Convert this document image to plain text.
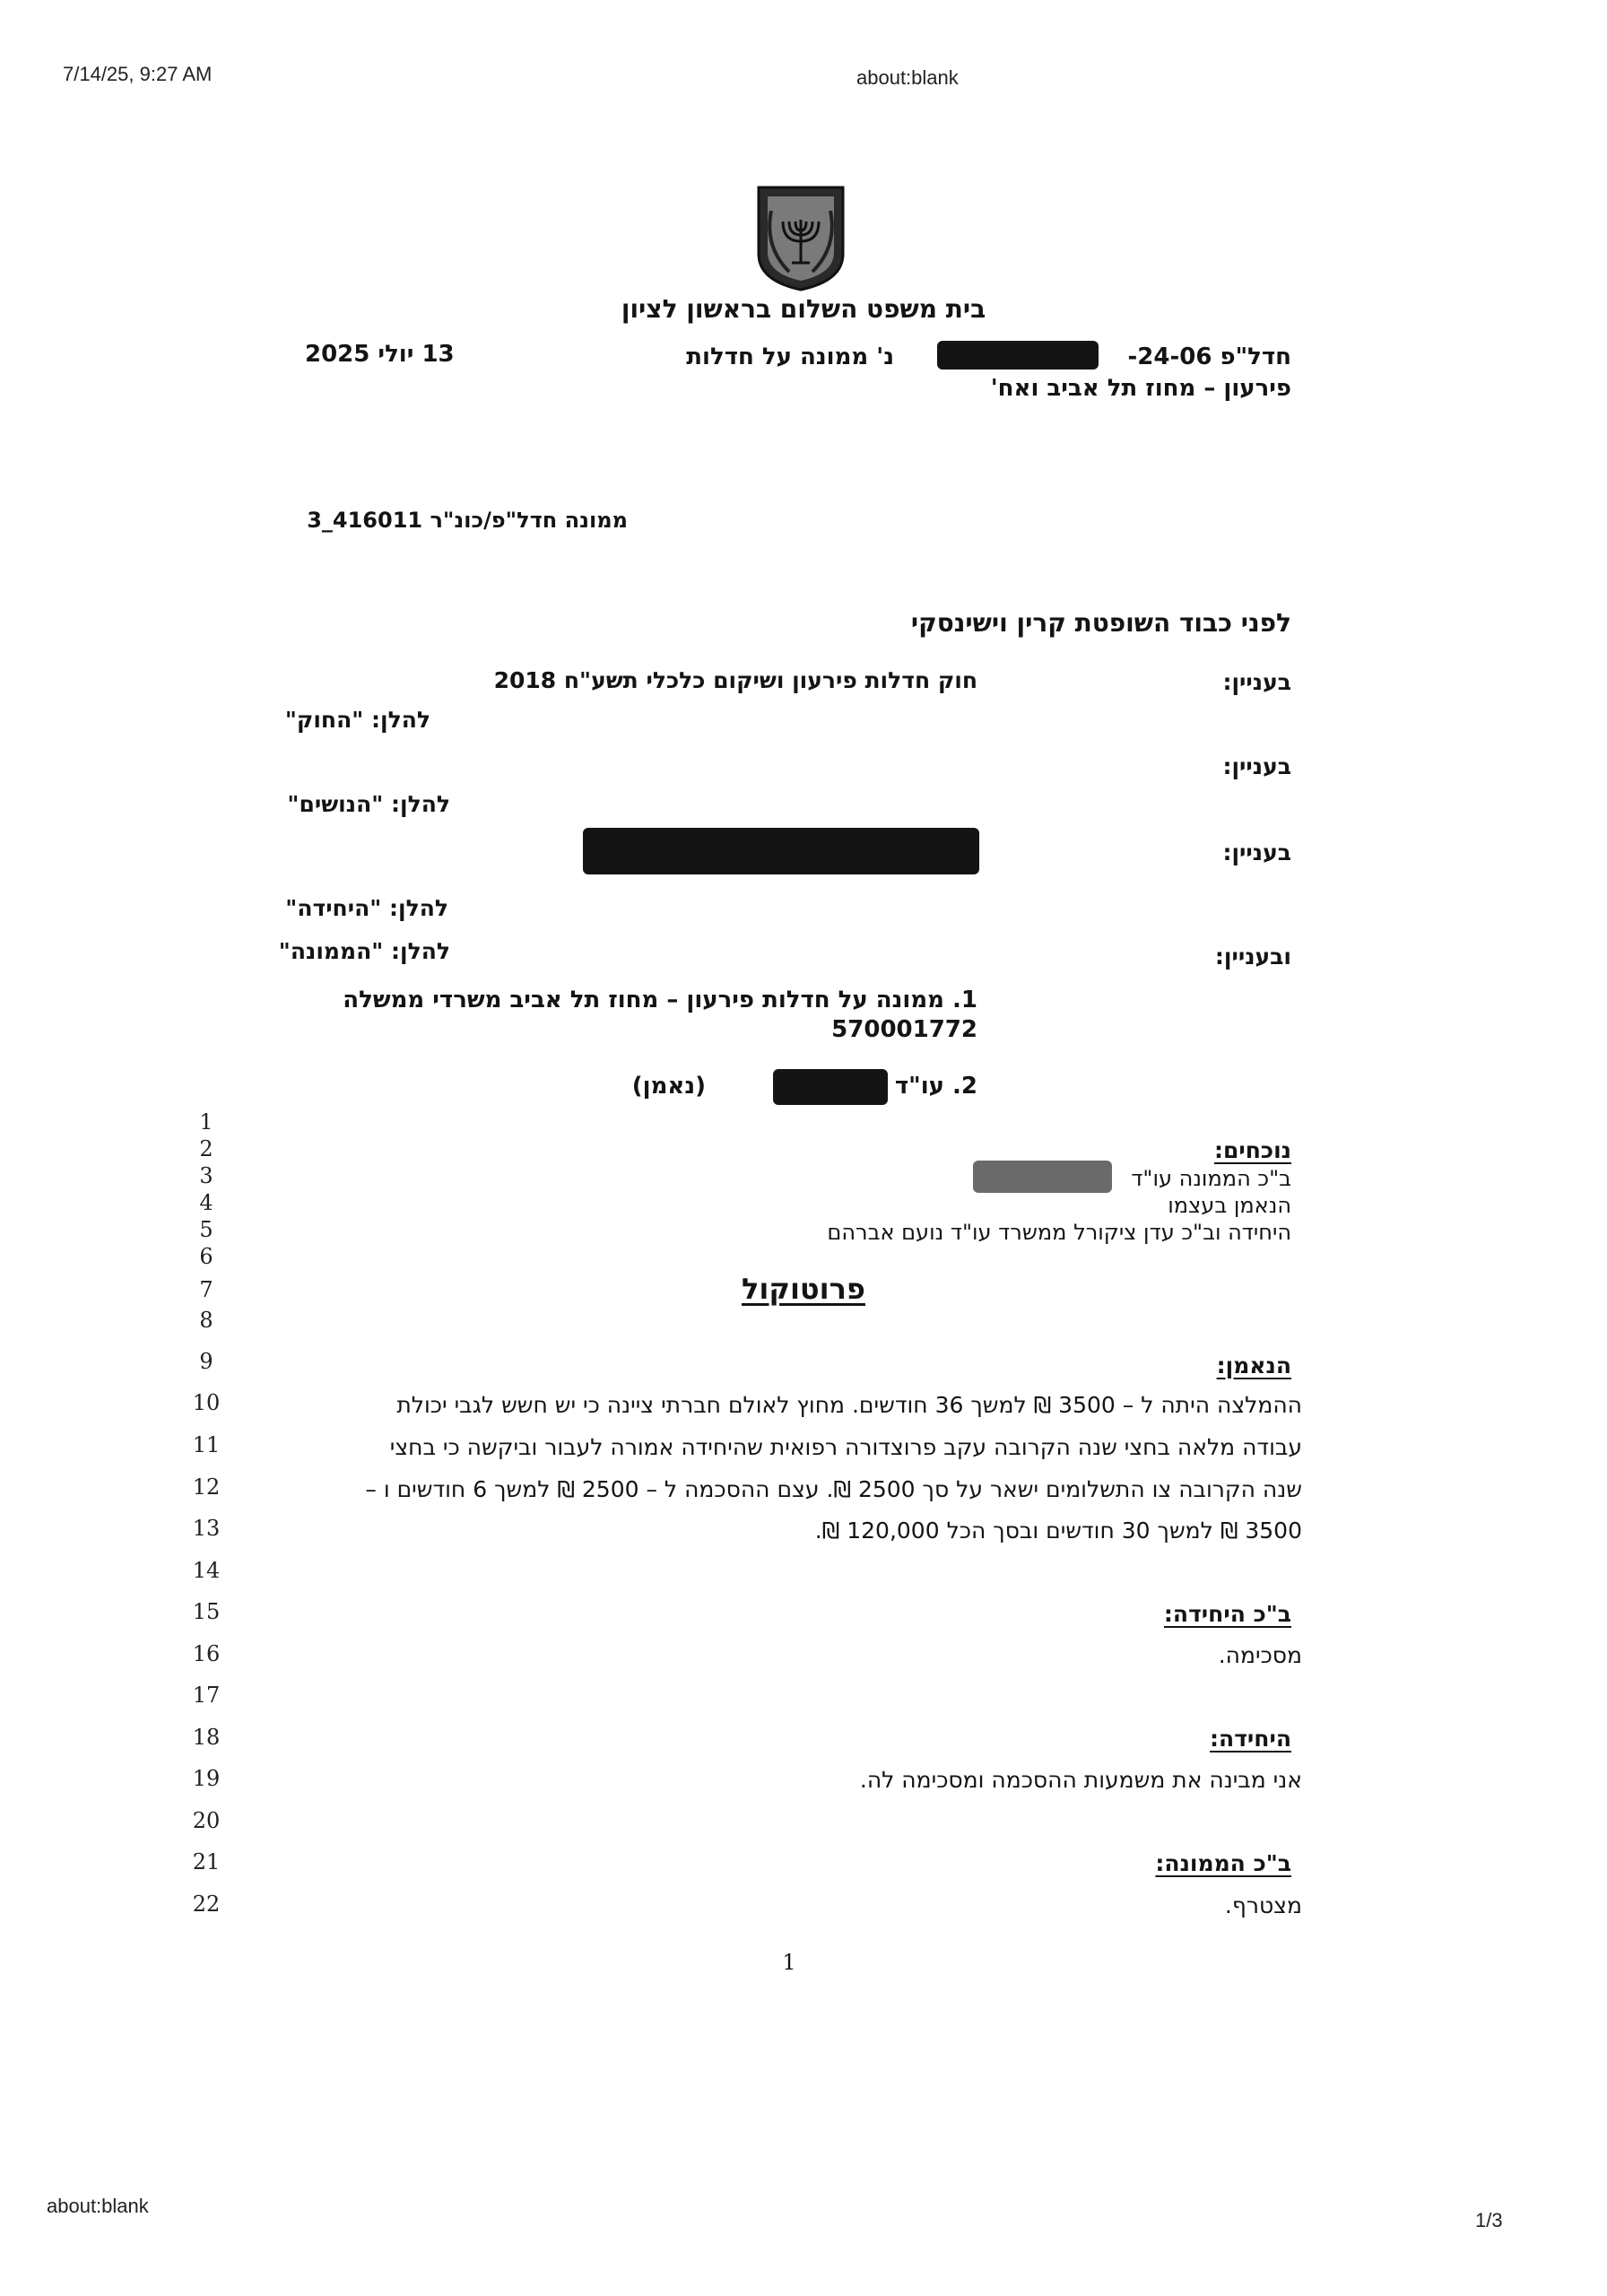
7/14/25, 9:27 AM	about:blank
about:blank
1/3
בית משפט השלום בראשון לציון
חדל"פ 24-06-
נ' ממונה על חדלות
פירעון – מחוז תל אביב ואח'
13 יולי 2025
ממונה חדל"פ/כונ"ר 416011_3
לפני כבוד השופטת קרין וישינסקי
בעניין:
חוק חדלות פירעון ושיקום כלכלי תשע"ח 2018
להלן: "החוק"
בעניין:
להלן: "הנושים"
בעניין:
להלן: "היחידה"
ובעניין:
להלן: "הממונה"
1. ממונה על חדלות פירעון – מחוז תל אביב משרדי ממשלה
570001772
2. עו"ד
(נאמן)
1
2
3
4
5
6
7
8
9
10
11
12
13
14
15
16
17
18
19
20
21
22
נוכחים:
ב"כ הממונה עו"ד
הנאמן בעצמו
היחידה וב"כ עדן ציקורל ממשרד עו"ד נועם אברהם
פרוטוקול
הנאמן:
ההמלצה היתה ל – 3500 ₪ למשך 36 חודשים. מחוץ לאולם חברתי ציינה כי יש חשש לגבי יכולת
עבודה מלאה בחצי שנה הקרובה עקב פרוצדורה רפואית שהיחידה אמורה לעבור וביקשה כי בחצי
שנה הקרובה צו התשלומים ישאר על סך 2500 ₪. עצם ההסכמה ל – 2500 ₪ למשך 6 חודשים ו –
3500 ₪ למשך 30 חודשים ובסך הכל 120,000 ₪.
ב"כ היחידה:
מסכימה.
היחידה:
אני מבינה את משמעות ההסכמה ומסכימה לה.
ב"כ הממונה:
מצטרף.
1
